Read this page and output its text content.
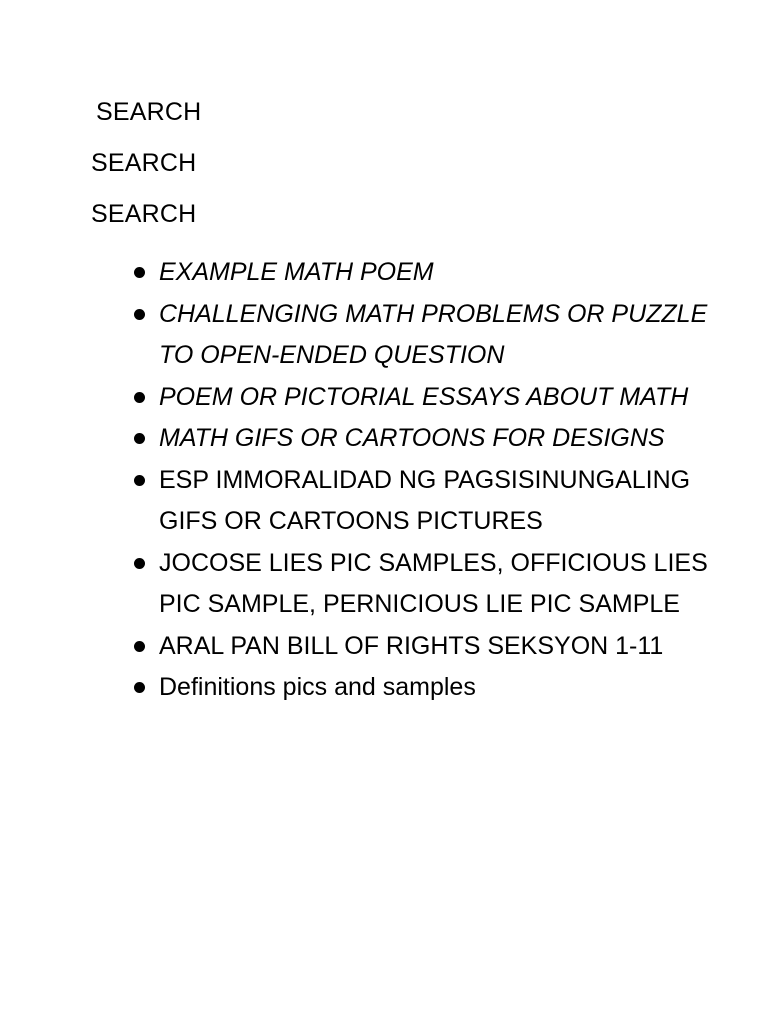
SEARCH
SEARCH
SEARCH
EXAMPLE MATH POEM
CHALLENGING MATH PROBLEMS OR PUZZLE TO OPEN-ENDED QUESTION
POEM OR PICTORIAL ESSAYS ABOUT MATH
MATH GIFS OR CARTOONS FOR DESIGNS
ESP IMMORALIDAD NG PAGSISINUNGALING GIFS OR CARTOONS PICTURES
JOCOSE LIES PIC SAMPLES, OFFICIOUS LIES PIC SAMPLE, PERNICIOUS LIE PIC SAMPLE
ARAL PAN BILL OF RIGHTS SEKSYON 1-11
Definitions pics and samples
